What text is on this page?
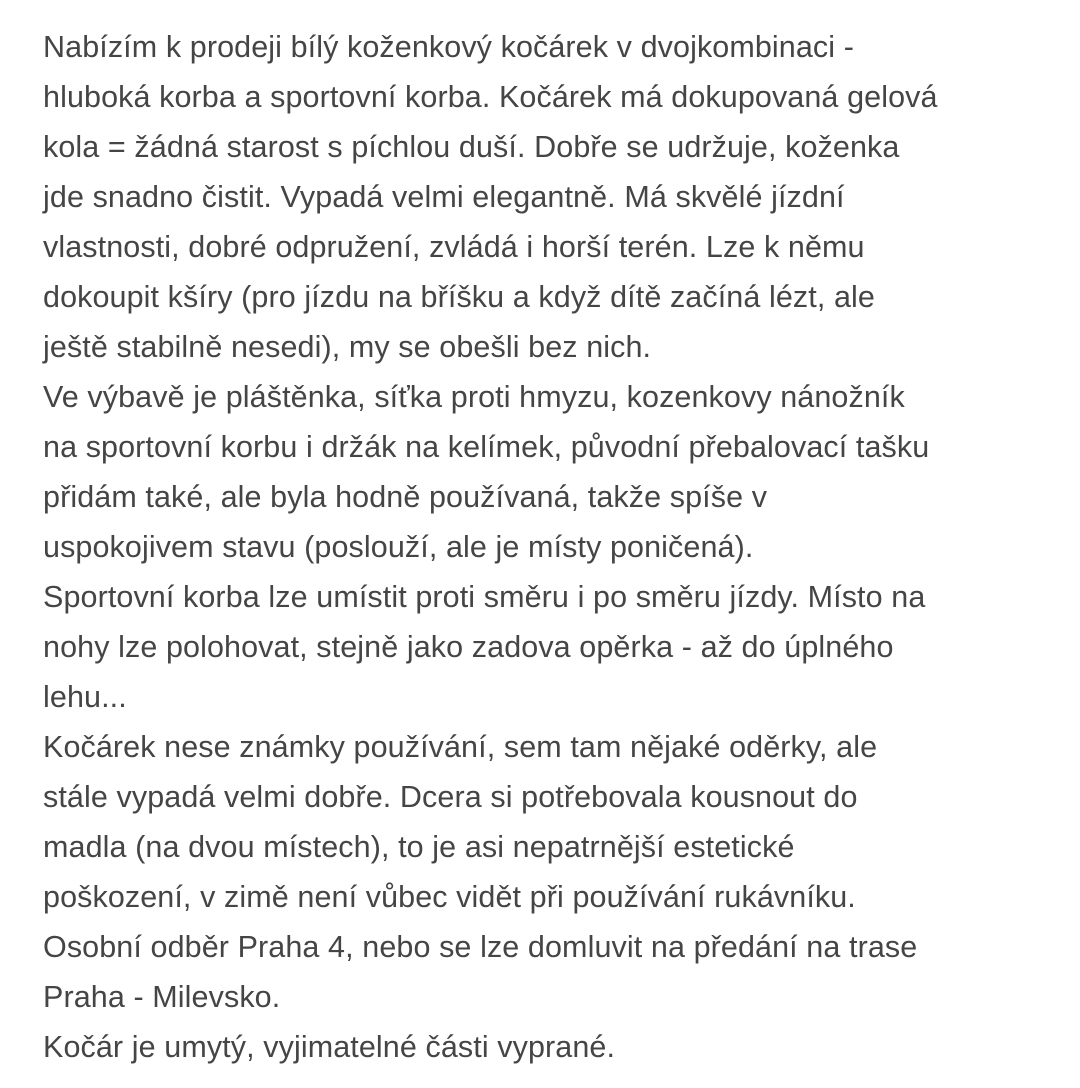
Nabízím k prodeji bílý koženkový kočárek v dvojkombinaci -
hluboká korba a sportovní korba. Kočárek má dokupovaná gelová
kola = žádná starost s píchlou duší. Dobře se udržuje, koženka
jde snadno čistit. Vypadá velmi elegantně. Má skvělé jízdní
vlastnosti, dobré odpružení, zvládá i horší terén. Lze k němu
dokoupit kšíry (pro jízdu na bříšku a když dítě začíná lézt, ale
ještě stabilně nesedi), my se obešli bez nich.
Ve výbavě je pláštěnka, síťka proti hmyzu, kozenkovy nánožník
na sportovní korbu i držák na kelímek, původní přebalovací tašku
přidám také, ale byla hodně používaná, takže spíše v
uspokojivem stavu (poslouží, ale je místy poničená).
Sportovní korba lze umístit proti směru i po směru jízdy. Místo na
nohy lze polohovat, stejně jako zadova opěrka - až do úplného
lehu...
Kočárek nese známky používání, sem tam nějaké oděrky, ale
stále vypadá velmi dobře. Dcera si potřebovala kousnout do
madla (na dvou místech), to je asi nepatrnější estetické
poškození, v zimě není vůbec vidět při používání rukávníku.
Osobní odběr Praha 4, nebo se lze domluvit na předání na trase
Praha - Milevsko.
Kočár je umytý, vyjimatelné části vyprané.
